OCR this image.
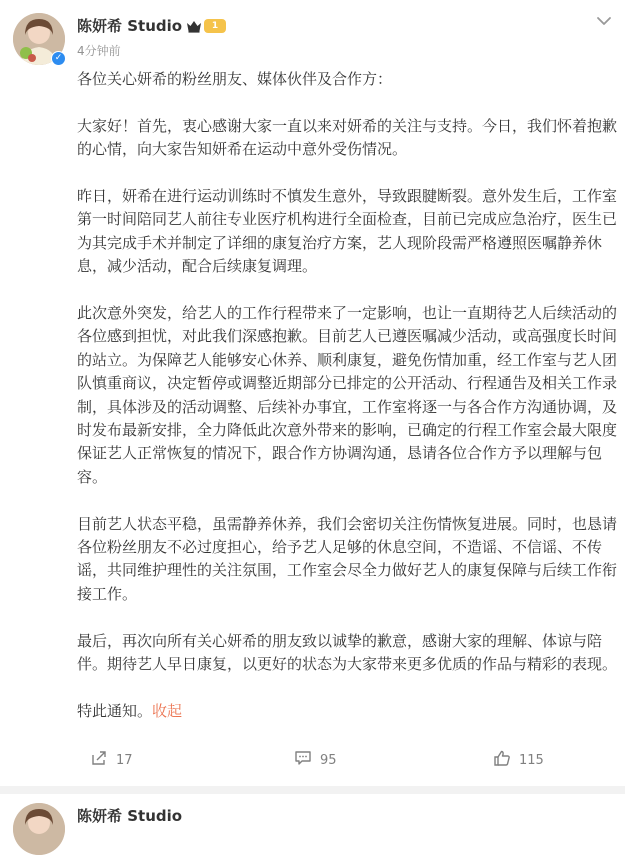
✓
陈妍希 Studio	1
4分钟前

各位关心妍希的粉丝朋友、媒体伙伴及合作方：

大家好！首先，衷心感谢大家一直以来对妍希的关注与支持。今日，我们怀着抱歉的心情，向大家告知妍希在运动中意外受伤情况。

昨日，妍希在进行运动训练时不慎发生意外，导致跟腱断裂。意外发生后，工作室第一时间陪同艺人前往专业医疗机构进行全面检查，目前已完成应急治疗，医生已为其完成手术并制定了详细的康复治疗方案，艺人现阶段需严格遵照医嘱静养休息，减少活动，配合后续康复调理。

此次意外突发，给艺人的工作行程带来了一定影响，也让一直期待艺人后续活动的各位感到担忧，对此我们深感抱歉。目前艺人已遵医嘱减少活动，或高强度长时间的站立。为保障艺人能够安心休养、顺利康复，避免伤情加重，经工作室与艺人团队慎重商议，决定暂停或调整近期部分已排定的公开活动、行程通告及相关工作录制，具体涉及的活动调整、后续补办事宜，工作室将逐一与各合作方沟通协调，及时发布最新安排，全力降低此次意外带来的影响，已确定的行程工作室会最大限度保证艺人正常恢复的情况下，跟合作方协调沟通，恳请各位合作方予以理解与包容。

目前艺人状态平稳，虽需静养休养，我们会密切关注伤情恢复进展。同时，也恳请各位粉丝朋友不必过度担心，给予艺人足够的休息空间，不造谣、不信谣、不传谣，共同维护理性的关注氛围，工作室会尽全力做好艺人的康复保障与后续工作衔接工作。

最后，再次向所有关心妍希的朋友致以诚挚的歉意，感谢大家的理解、体谅与陪伴。期待艺人早日康复，以更好的状态为大家带来更多优质的作品与精彩的表现。

特此通知。收起

17	95	115
陈妍希 Studio
